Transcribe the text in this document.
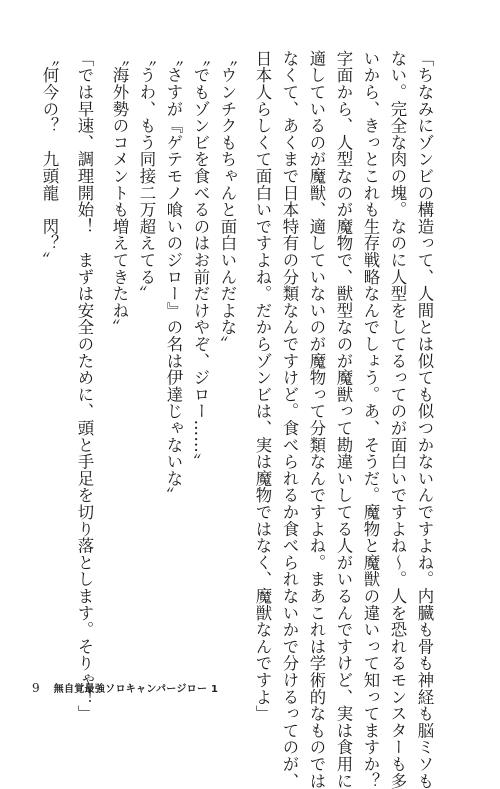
「ちなみにゾンビの構造って、人間とは似ても似つかないんですよね。内臓も骨も神経も脳ミソも
ない。完全な肉の塊。なのに人型をしてるってのが面白いですよね〜。人を恐れるモンスターも多
いから、きっとこれも生存戦略なんでしょう。あ、そうだ。魔物と魔獣の違いって知ってますか？
字面から、人型なのが魔物で、獣型なのが魔獣って勘違いしてる人がいるんですけど、実は食用に
適しているのが魔獣、適していないのが魔物って分類なんですよね。まあこれは学術的なものでは
なくて、あくまで日本特有の分類なんですけど。食べられるか食べられないかで分けるってのが、
日本人らしくて面白いですよね。だからゾンビは、実は魔物ではなく、魔獣なんですよ」
〝ウンチクもちゃんと面白いんだよな〟
〝でもゾンビを食べるのはお前だけやぞ、ジロー……〟
〝さすが『ゲテモノ喰いのジロー』の名は伊達じゃないな〟
〝うわ、もう同接二万超えてる〟
〝海外勢のコメントも増えてきたね〟
「では早速、調理開始！　まずは安全のために、頭と手足を切り落とします。そりゃ！」
〝何今の？　九頭龍　閃？〟
9 無自覚最強ソロキャンパージロー 1
